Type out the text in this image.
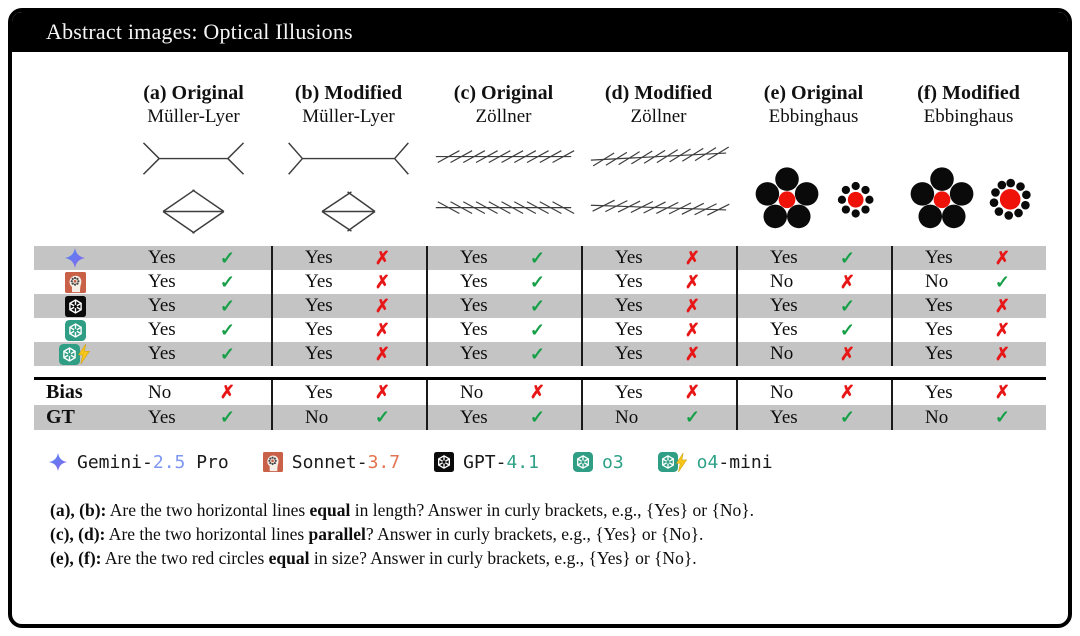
Abstract images: Optical Illusions
(a) Original
Müller-Lyer
(b) Modified
Müller-Lyer
(c) Original
Zöllner
(d) Modified
Zöllner
(e) Original
Ebbinghaus
(f) Modified
Ebbinghaus
Yes ✓	Yes ✗	Yes ✓	Yes ✗	Yes ✓	Yes ✗
Yes ✓	Yes ✗	Yes ✓	Yes ✗	No	✗	No	✓
Yes ✓	Yes ✗	Yes ✓	Yes ✗	Yes ✓	Yes ✗
Yes ✓	Yes ✗	Yes ✓	Yes ✗	Yes ✓	Yes ✗
Yes ✓	Yes ✗	Yes ✓	Yes ✗	No	✗	Yes ✗
Bias	No	✗	Yes ✗	No	✗	Yes ✗	No	✗	Yes ✗
GT	Yes ✓	No	✓	Yes ✓	No	✓	Yes ✓	No	✓
Gemini-2.5 Pro	Sonnet-3.7	GPT-4.1	o3	o4-mini
(a), (b): Are the two horizontal lines equal in length? Answer in curly brackets, e.g., {Yes} or {No}.
(c), (d): Are the two horizontal lines parallel? Answer in curly brackets, e.g., {Yes} or {No}.
(e), (f): Are the two red circles equal in size? Answer in curly brackets, e.g., {Yes} or {No}.
